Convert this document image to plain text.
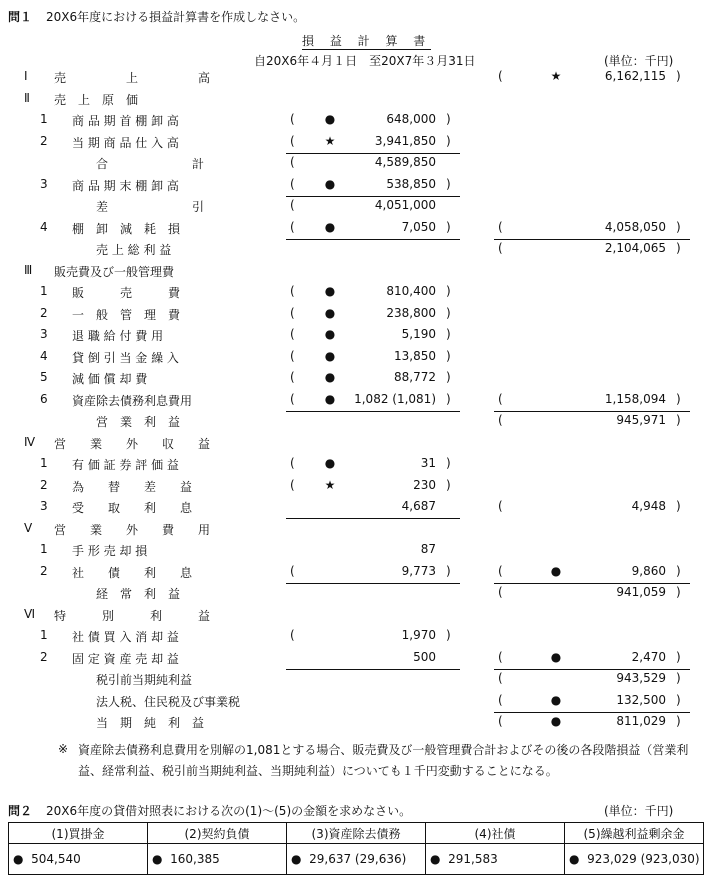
問１ 20X6年度における損益計算書を作成しなさい。
損 益 計 算 書
自20X6年４月１日　至20X7年３月31日	(単位：千円)
Ⅰ 売　　　　　上　　　　　高	(	★	6,162,115 )
Ⅱ 売　上　原　価
1 商 品 期 首 棚 卸 高	(	●	648,000 )
2 当 期 商 品 仕 入 高	(	★	3,941,850 )
合　　　　　　　計	(	4,589,850
3 商 品 期 末 棚 卸 高	(	●	538,850 )
差　　　　　　　引	(	4,051,000
4 棚　卸　減　耗　損	(	●	7,050 )	(	4,058,050 )
売 上 総 利 益	(	2,104,065 )
Ⅲ 販売費及び一般管理費
1 販　　　売　　　費	(	●	810,400 )
2 一　般　管　理　費	(	●	238,800 )
3 退 職 給 付 費 用	(	●	5,190 )
4 貸 倒 引 当 金 繰 入	(	●	13,850 )
5 減 価 償 却 費	(	●	88,772 )
6 資産除去債務利息費用	(	●	1,082 (1,081) )	(	1,158,094 )
営　業　利　益	(	945,971 )
Ⅳ 営　　業　　外　　収　　益
1 有 価 証 券 評 価 益	(	●	31 )
2 為　　替　　差　　益	(	★	230 )
3 受　　取　　利　　息	4,687	(	4,948 )
Ⅴ 営　　業　　外　　費　　用
1 手 形 売 却 損	87
2 社　　債　　利　　息	(	9,773 )	(	●	9,860 )
経　常　利　益	(	941,059 )
Ⅵ 特　　　別　　　利　　　益
1 社 債 買 入 消 却 益	(	1,970 )
2 固 定 資 産 売 却 益	500	(	●	2,470 )
税引前当期純利益	(	943,529 )
法人税、住民税及び事業税	(	●	132,500 )
当　期　純　利　益	(	●	811,029 )
※ 資産除去債務利息費用を別解の1,081とする場合、販売費及び一般管理費合計およびその後の各段階損益（営業利益、経常利益、税引前当期純利益、当期純利益）についても１千円変動することになる。
問２ 20X6年度の貸借対照表における次の(1)～(5)の金額を求めなさい。	(単位：千円)
(1)買掛金	(2)契約負債	(3)資産除去債務	(4)社債	(5)繰越利益剰余金
● 504,540	● 160,385	● 29,637 (29,636)	● 291,583	● 923,029 (923,030)
